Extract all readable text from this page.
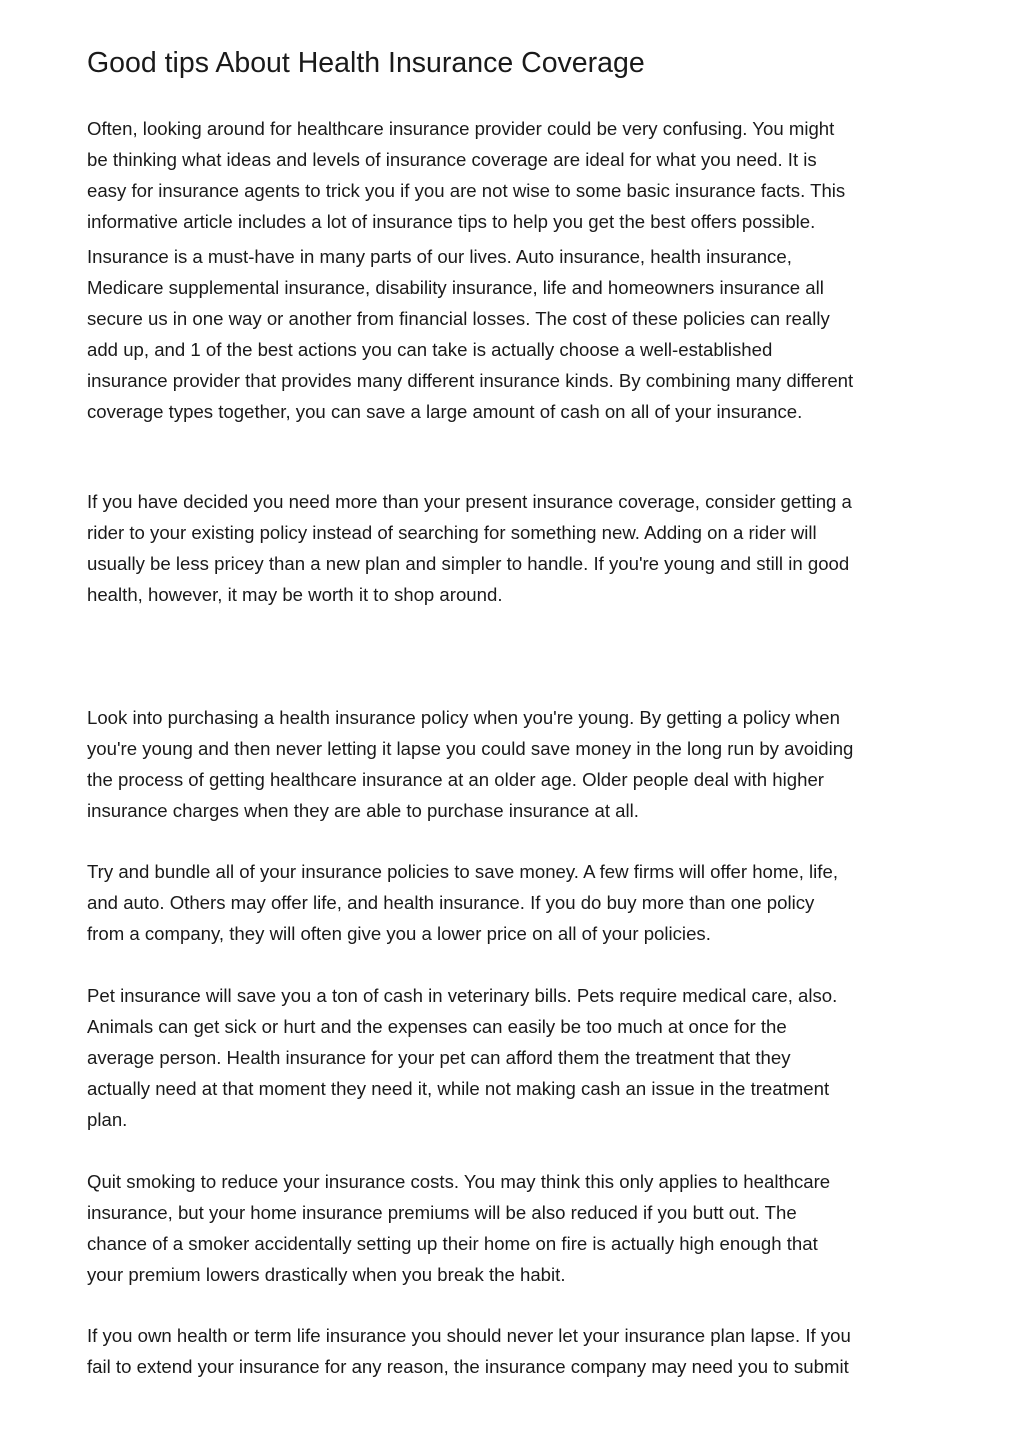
Good tips About Health Insurance Coverage

Often, looking around for healthcare insurance provider could be very confusing. You might
be thinking what ideas and levels of insurance coverage are ideal for what you need. It is
easy for insurance agents to trick you if you are not wise to some basic insurance facts. This
informative article includes a lot of insurance tips to help you get the best offers possible.

Insurance is a must-have in many parts of our lives. Auto insurance, health insurance,
Medicare supplemental insurance, disability insurance, life and homeowners insurance all
secure us in one way or another from financial losses. The cost of these policies can really
add up, and 1 of the best actions you can take is actually choose a well-established
insurance provider that provides many different insurance kinds. By combining many different
coverage types together, you can save a large amount of cash on all of your insurance.

If you have decided you need more than your present insurance coverage, consider getting a
rider to your existing policy instead of searching for something new. Adding on a rider will
usually be less pricey than a new plan and simpler to handle. If you're young and still in good
health, however, it may be worth it to shop around.

Look into purchasing a health insurance policy when you're young. By getting a policy when
you're young and then never letting it lapse you could save money in the long run by avoiding
the process of getting healthcare insurance at an older age. Older people deal with higher
insurance charges when they are able to purchase insurance at all.

Try and bundle all of your insurance policies to save money. A few firms will offer home, life,
and auto. Others may offer life, and health insurance. If you do buy more than one policy
from a company, they will often give you a lower price on all of your policies.

Pet insurance will save you a ton of cash in veterinary bills. Pets require medical care, also.
Animals can get sick or hurt and the expenses can easily be too much at once for the
average person. Health insurance for your pet can afford them the treatment that they
actually need at that moment they need it, while not making cash an issue in the treatment
plan.

Quit smoking to reduce your insurance costs. You may think this only applies to healthcare
insurance, but your home insurance premiums will be also reduced if you butt out. The
chance of a smoker accidentally setting up their home on fire is actually high enough that
your premium lowers drastically when you break the habit.

If you own health or term life insurance you should never let your insurance plan lapse. If you
fail to extend your insurance for any reason, the insurance company may need you to submit
